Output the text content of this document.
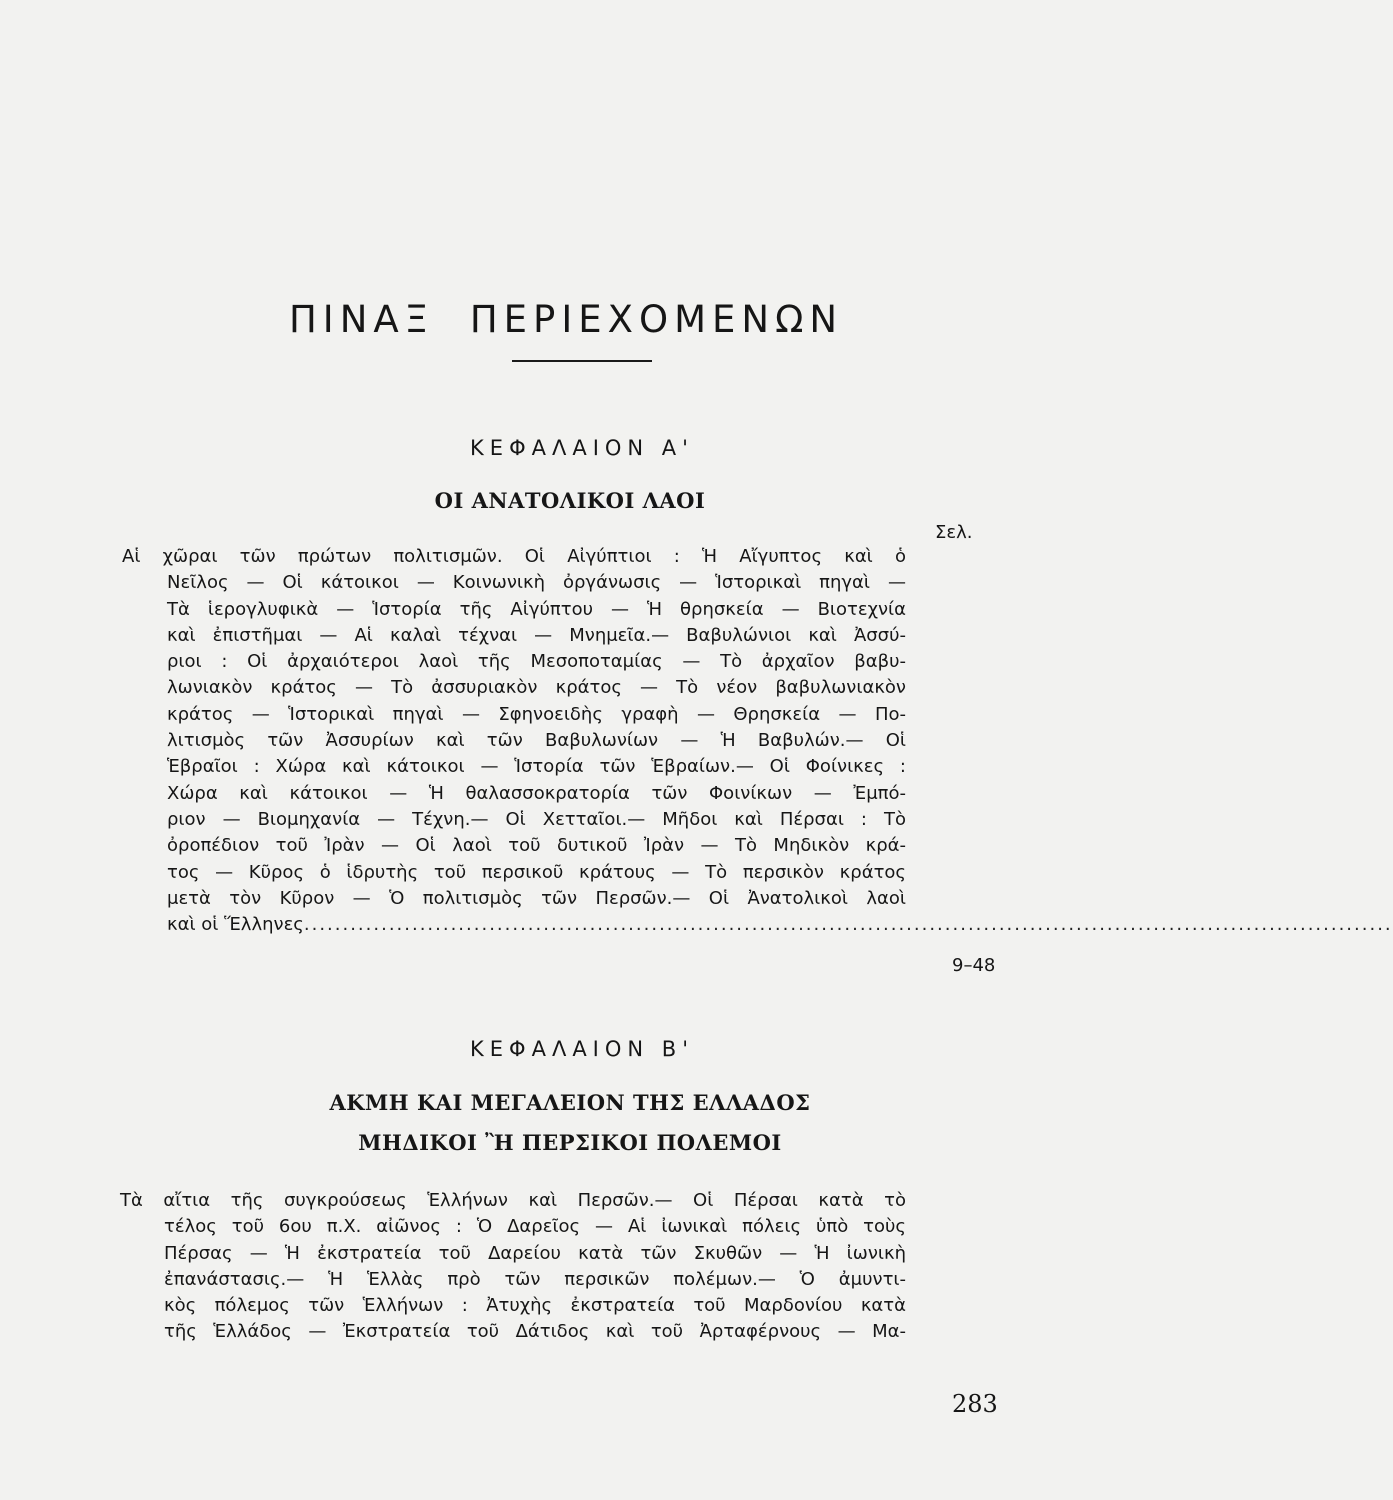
ΠΙΝΑΞ ΠΕΡΙΕΧΟΜΕΝΩΝ
ΚΕΦΑΛΑΙΟΝ Α'
ΟΙ ΑΝΑΤΟΛΙΚΟΙ ΛΑΟΙ
Σελ.
Αἱ χῶραι τῶν πρώτων πολιτισμῶν. Οἱ Αἰγύπτιοι : Ἡ Αἴγυπτος καὶ ὁ
Νεῖλος — Οἱ κάτοικοι — Κοινωνικὴ ὀργάνωσις — Ἱστορικαὶ πηγαὶ —
Τὰ ἱερογλυφικὰ — Ἱστορία τῆς Αἰγύπτου — Ἡ θρησκεία — Βιοτεχνία
καὶ ἐπιστῆμαι — Αἱ καλαὶ τέχναι — Μνημεῖα.— Βαβυλώνιοι καὶ Ἀσσύ-
ριοι : Οἱ ἀρχαιότεροι λαοὶ τῆς Μεσοποταμίας — Τὸ ἀρχαῖον βαβυ-
λωνιακὸν κράτος — Τὸ ἀσσυριακὸν κράτος — Τὸ νέον βαβυλωνιακὸν
κράτος — Ἱστορικαὶ πηγαὶ — Σφηνοειδὴς γραφὴ — Θρησκεία — Πο-
λιτισμὸς τῶν Ἀσσυρίων καὶ τῶν Βαβυλωνίων — Ἡ Βαβυλών.— Οἱ
Ἑβραῖοι : Χώρα καὶ κάτοικοι — Ἱστορία τῶν Ἑβραίων.— Οἱ Φοίνικες :
Χώρα καὶ κάτοικοι — Ἡ θαλασσοκρατορία τῶν Φοινίκων — Ἐμπό-
ριον — Βιομηχανία — Τέχνη.— Οἱ Χετταῖοι.— Μῆδοι καὶ Πέρσαι : Τὸ
ὀροπέδιον τοῦ Ἰρὰν — Οἱ λαοὶ τοῦ δυτικοῦ Ἰρὰν — Τὸ Μηδικὸν κρά-
τος — Κῦρος ὁ ἱδρυτὴς τοῦ περσικοῦ κράτους — Τὸ περσικὸν κράτος
μετὰ τὸν Κῦρον — Ὁ πολιτισμὸς τῶν Περσῶν.— Οἱ Ἀνατολικοὶ λαοὶ
καὶ οἱ Ἕλληνες .............................................................................................................................................
9–48
ΚΕΦΑΛΑΙΟΝ Β'
ΑΚΜΗ ΚΑΙ ΜΕΓΑΛΕΙΟΝ ΤΗΣ ΕΛΛΑΔΟΣ
ΜΗΔΙΚΟΙ Ἢ ΠΕΡΣΙΚΟΙ ΠΟΛΕΜΟΙ
Τὰ αἴτια τῆς συγκρούσεως Ἑλλήνων καὶ Περσῶν.— Οἱ Πέρσαι κατὰ τὸ
τέλος τοῦ 6ου π.Χ. αἰῶνος : Ὁ Δαρεῖος — Αἱ ἰωνικαὶ πόλεις ὑπὸ τοὺς
Πέρσας — Ἡ ἐκστρατεία τοῦ Δαρείου κατὰ τῶν Σκυθῶν — Ἡ ἰωνικὴ
ἐπανάστασις.— Ἡ Ἑλλὰς πρὸ τῶν περσικῶν πολέμων.— Ὁ ἀμυντι-
κὸς πόλεμος τῶν Ἑλλήνων : Ἀτυχὴς ἐκστρατεία τοῦ Μαρδονίου κατὰ
τῆς Ἑλλάδος — Ἐκστρατεία τοῦ Δάτιδος καὶ τοῦ Ἀρταφέρνους — Μα-
283
